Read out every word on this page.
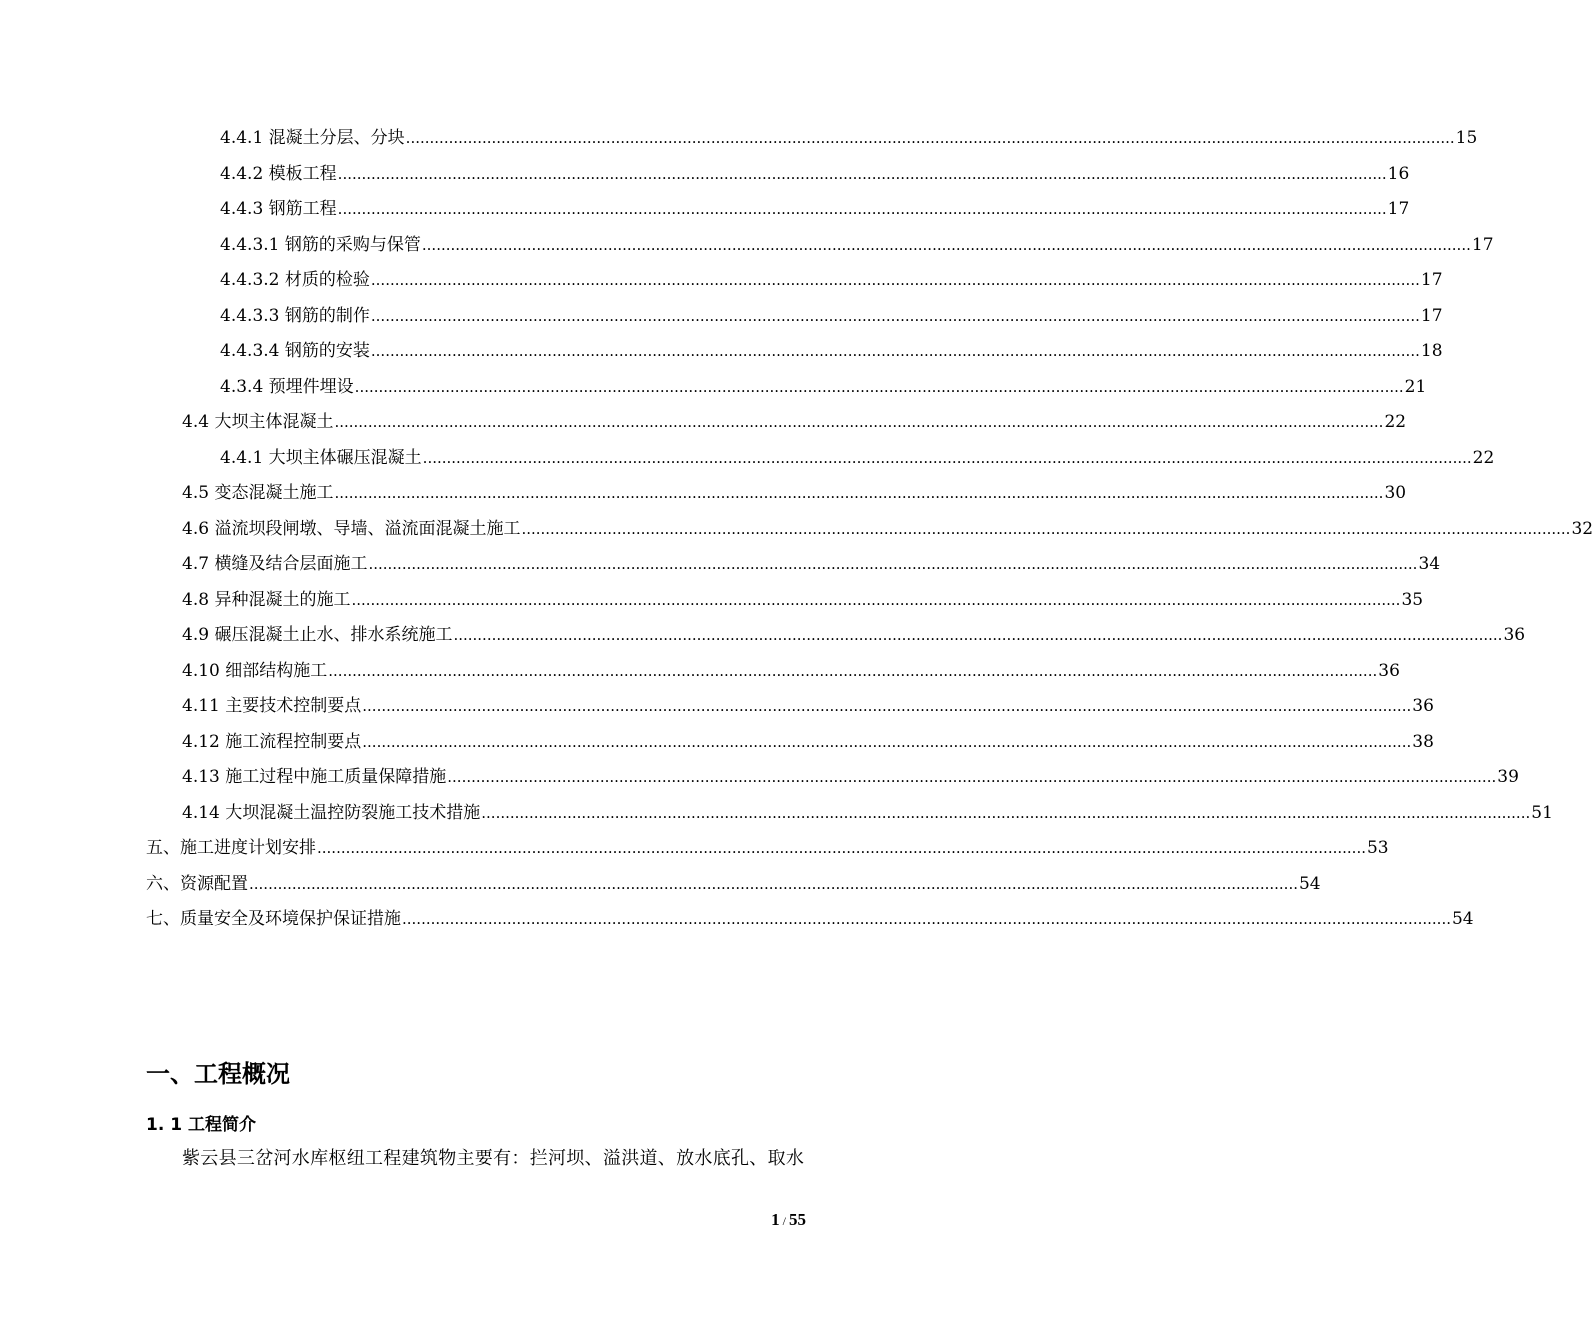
4.4.1 混凝土分层、分块 ............................................................................................................................................................................................................................ 15
4.4.2 模板工程 ............................................................................................................................................................................................................................ 16
4.4.3 钢筋工程 ............................................................................................................................................................................................................................ 17
4.4.3.1 钢筋的采购与保管 ............................................................................................................................................................................................................................ 17
4.4.3.2 材质的检验 ............................................................................................................................................................................................................................ 17
4.4.3.3 钢筋的制作 ............................................................................................................................................................................................................................ 17
4.4.3.4 钢筋的安装 ............................................................................................................................................................................................................................ 18
4.3.4 预埋件埋设 ............................................................................................................................................................................................................................ 21
4.4 大坝主体混凝土 ............................................................................................................................................................................................................................ 22
4.4.1 大坝主体碾压混凝土 ............................................................................................................................................................................................................................ 22
4.5 变态混凝土施工 ............................................................................................................................................................................................................................ 30
4.6 溢流坝段闸墩、导墙、溢流面混凝土施工 ............................................................................................................................................................................................................................ 32
4.7 横缝及结合层面施工 ............................................................................................................................................................................................................................ 34
4.8 异种混凝土的施工 ............................................................................................................................................................................................................................ 35
4.9 碾压混凝土止水、排水系统施工 ............................................................................................................................................................................................................................ 36
4.10 细部结构施工 ............................................................................................................................................................................................................................ 36
4.11 主要技术控制要点 ............................................................................................................................................................................................................................ 36
4.12 施工流程控制要点 ............................................................................................................................................................................................................................ 38
4.13 施工过程中施工质量保障措施 ............................................................................................................................................................................................................................ 39
4.14 大坝混凝土温控防裂施工技术措施 ............................................................................................................................................................................................................................ 51
五、施工进度计划安排 ............................................................................................................................................................................................................................ 53
六、资源配置 ............................................................................................................................................................................................................................ 54
七、质量安全及环境保护保证措施 ............................................................................................................................................................................................................................ 54
一、工程概况
1. 1 工程简介
紫云县三岔河水库枢纽工程建筑物主要有：拦河坝、溢洪道、放水底孔、取水
1 / 55
